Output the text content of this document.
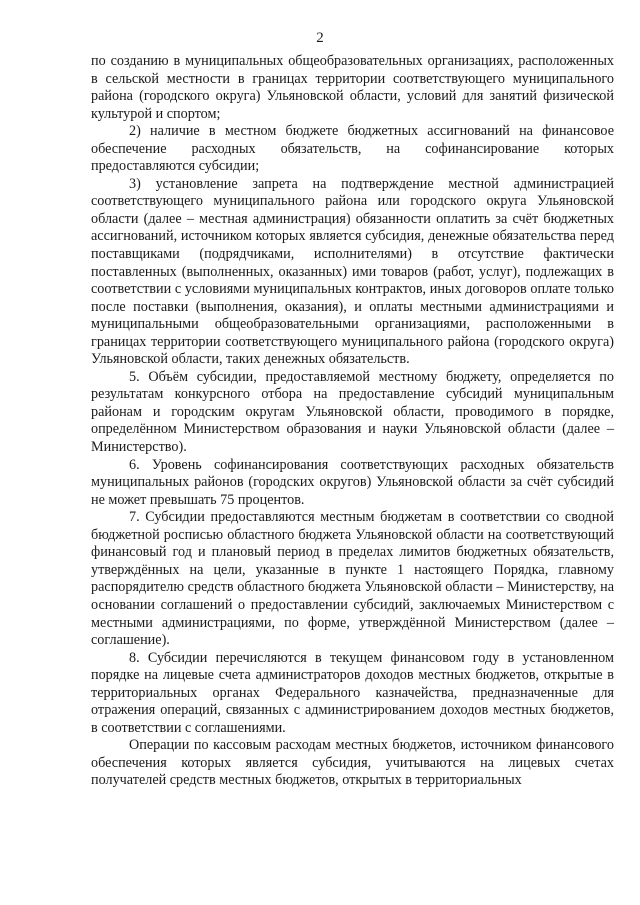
2

по созданию в муниципальных общеобразовательных организациях, расположенных в сельской местности в границах территории соответствующего муниципального района (городского округа) Ульяновской области, условий для занятий физической культурой и спортом;

2) наличие в местном бюджете бюджетных ассигнований на финансовое обеспечение расходных обязательств, на софинансирование которых предоставляются субсидии;

3) установление запрета на подтверждение местной администрацией соответствующего муниципального района или городского округа Ульяновской области (далее – местная администрация) обязанности оплатить за счёт бюджетных ассигнований, источником которых является субсидия, денежные обязательства перед поставщиками (подрядчиками, исполнителями) в отсутствие фактически поставленных (выполненных, оказанных) ими товаров (работ, услуг), подлежащих в соответствии с условиями муниципальных контрактов, иных договоров оплате только после поставки (выполнения, оказания), и оплаты местными администрациями и муниципальными общеобразовательными организациями, расположенными в границах территории соответствующего муниципального района (городского округа) Ульяновской области, таких денежных обязательств.

5. Объём субсидии, предоставляемой местному бюджету, определяется по результатам конкурсного отбора на предоставление субсидий муниципальным районам и городским округам Ульяновской области, проводимого в порядке, определённом Министерством образования и науки Ульяновской области (далее – Министерство).

6. Уровень софинансирования соответствующих расходных обязательств муниципальных районов (городских округов) Ульяновской области за счёт субсидий не может превышать 75 процентов.

7. Субсидии предоставляются местным бюджетам в соответствии со сводной бюджетной росписью областного бюджета Ульяновской области на соответствующий финансовый год и плановый период в пределах лимитов бюджетных обязательств, утверждённых на цели, указанные в пункте 1 настоящего Порядка, главному распорядителю средств областного бюджета Ульяновской области – Министерству, на основании соглашений о предоставлении субсидий, заключаемых Министерством с местными администрациями, по форме, утверждённой Министерством (далее – соглашение).

8. Субсидии перечисляются в текущем финансовом году в установленном порядке на лицевые счета администраторов доходов местных бюджетов, открытые в территориальных органах Федерального казначейства, предназначенные для отражения операций, связанных с администрированием доходов местных бюджетов, в соответствии с соглашениями.

Операции по кассовым расходам местных бюджетов, источником финансового обеспечения которых является субсидия, учитываются на лицевых счетах получателей средств местных бюджетов, открытых в территориальных
